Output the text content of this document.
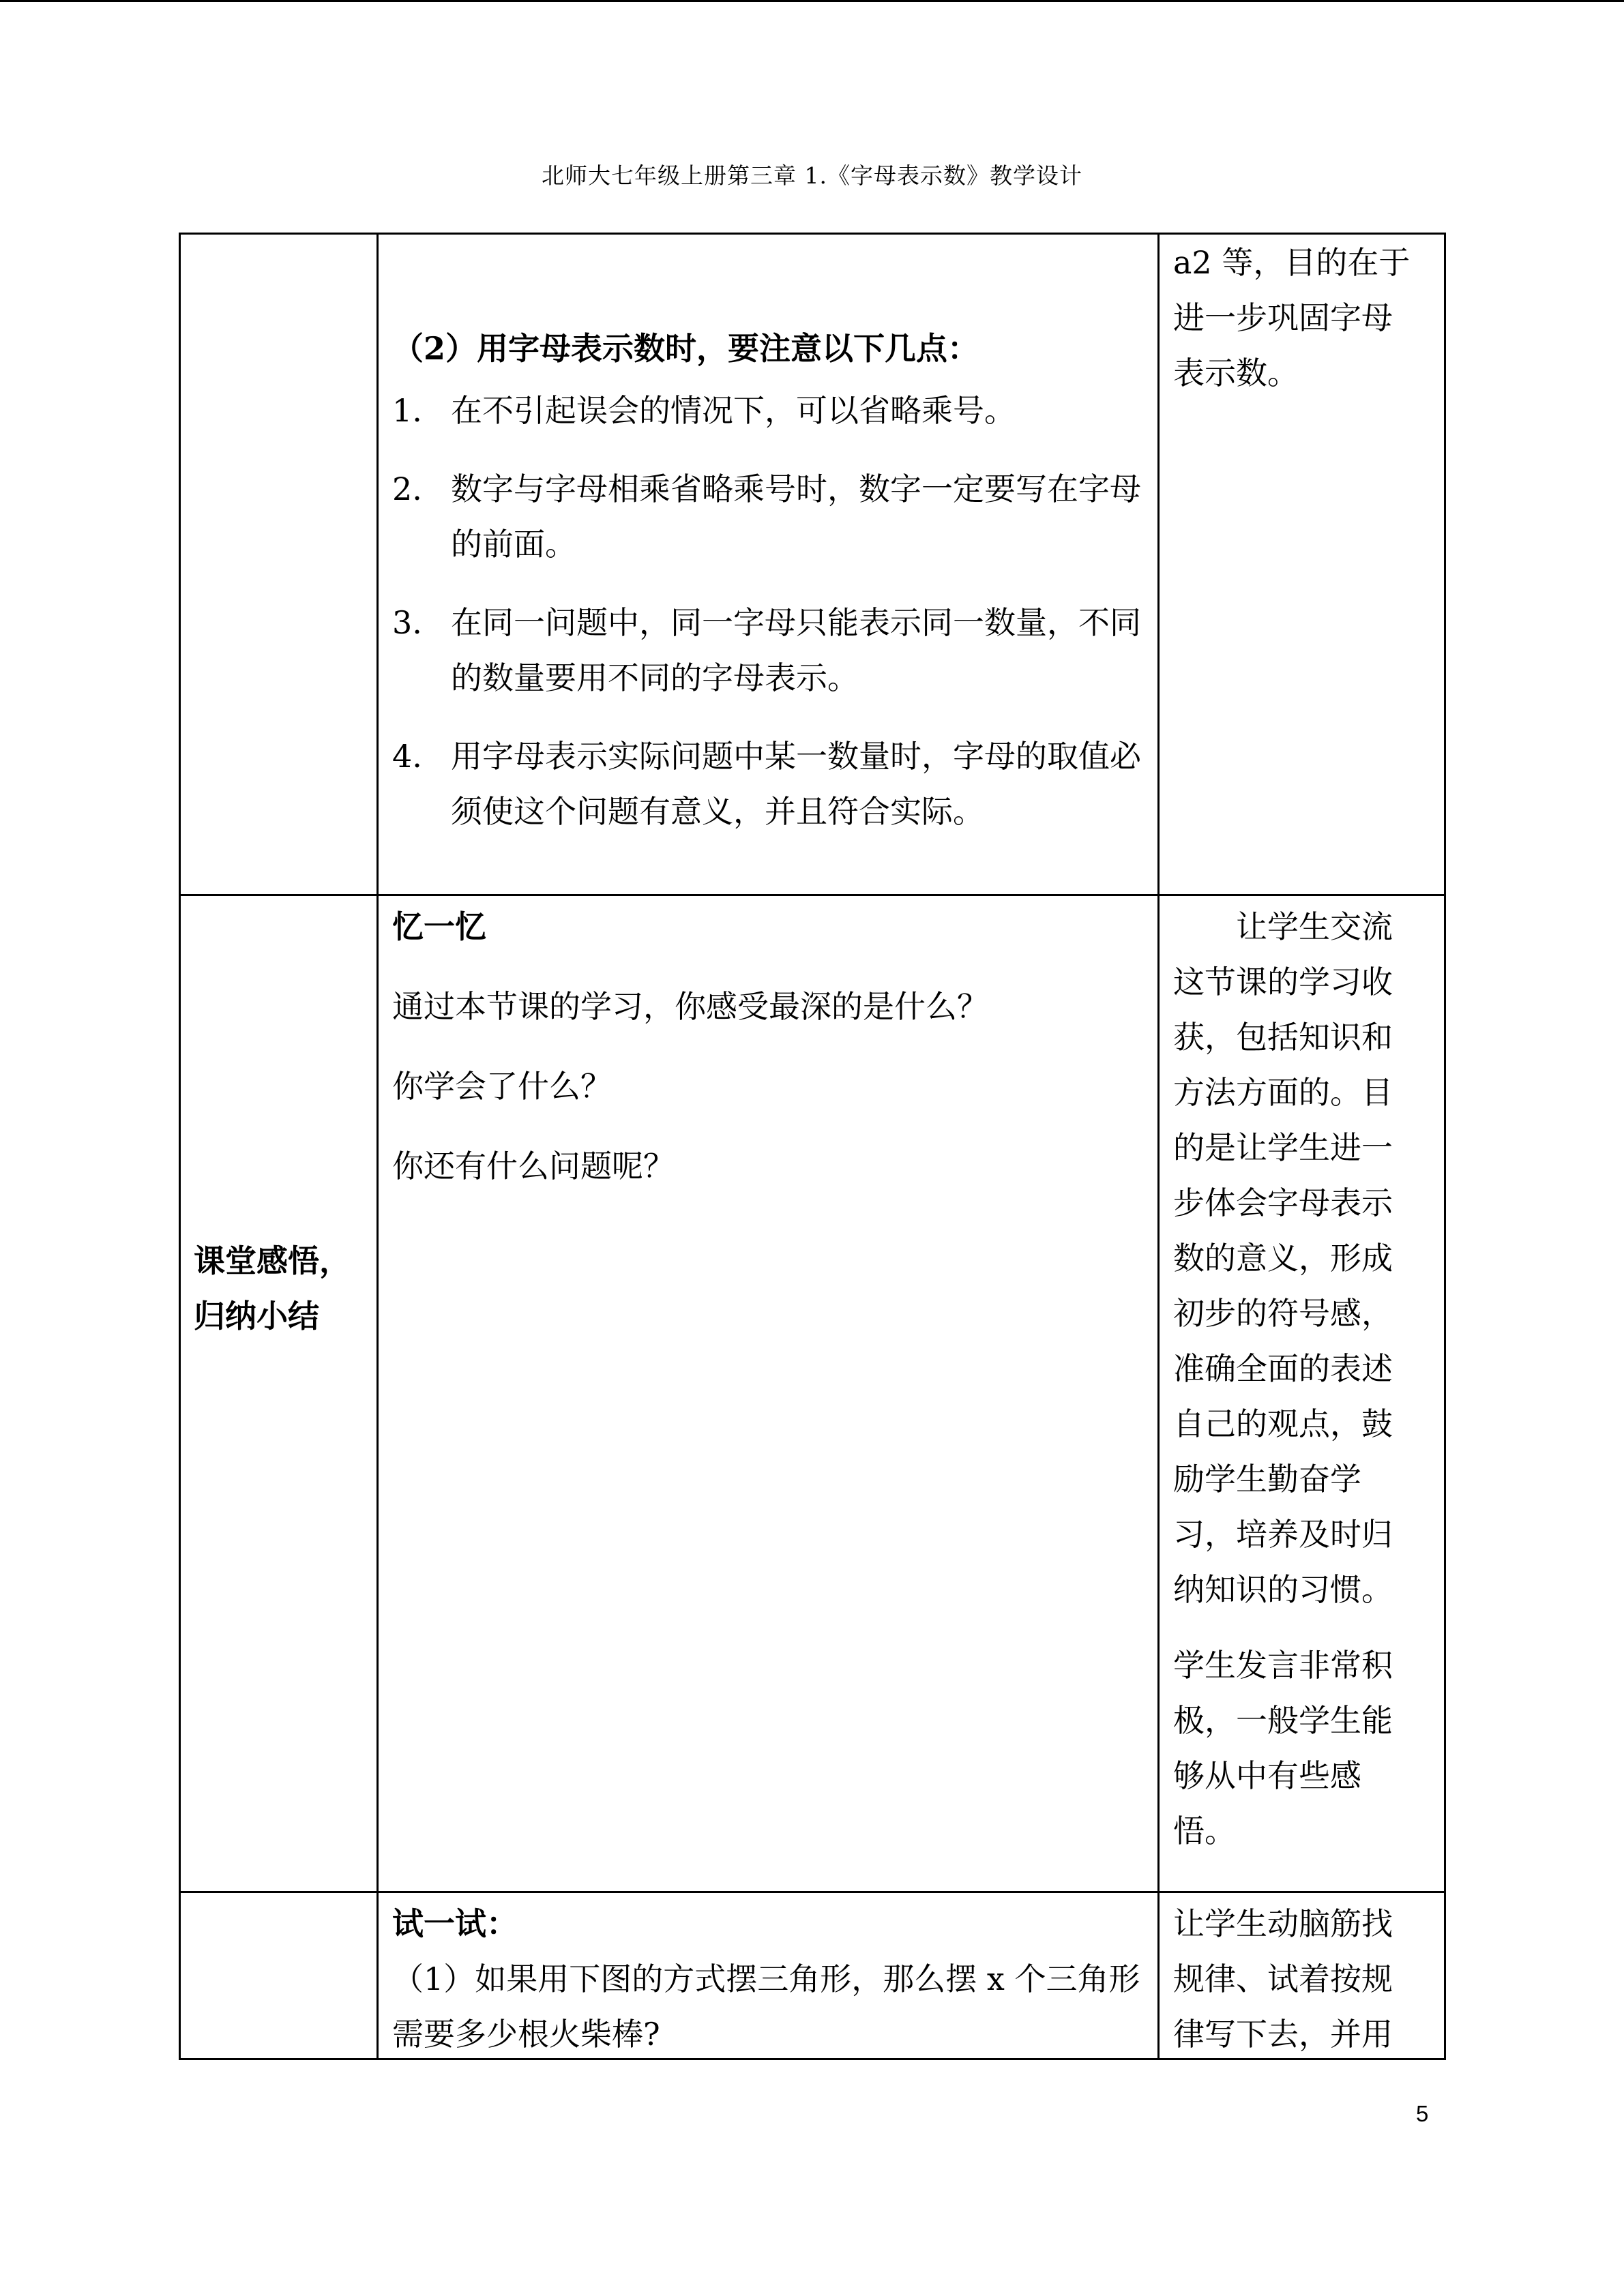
北师大七年级上册第三章 1.《字母表示数》教学设计

（2）用字母表示数时，要注意以下几点：

1. 在不引起误会的情况下，可以省略乘号。
2. 数字与字母相乘省略乘号时，数字一定要写在字母的前面。
3. 在同一问题中，同一字母只能表示同一数量，不同的数量要用不同的字母表示。
4. 用字母表示实际问题中某一数量时，字母的取值必须使这个问题有意义，并且符合实际。

a2 等，目的在于进一步巩固字母表示数。

课堂感悟，归纳小结

忆一忆

通过本节课的学习，你感受最深的是什么？

你学会了什么？

你还有什么问题呢？

让学生交流这节课的学习收获，包括知识和方法方面的。目的是让学生进一步体会字母表示数的意义，形成初步的符号感，准确全面的表述自己的观点，鼓励学生勤奋学习，培养及时归纳知识的习惯。

学生发言非常积极，一般学生能够从中有些感悟。

试一试：

（1）如果用下图的方式摆三角形，那么摆 x 个三角形需要多少根火柴棒?

让学生动脑筋找规律、试着按规律写下去，并用

5
